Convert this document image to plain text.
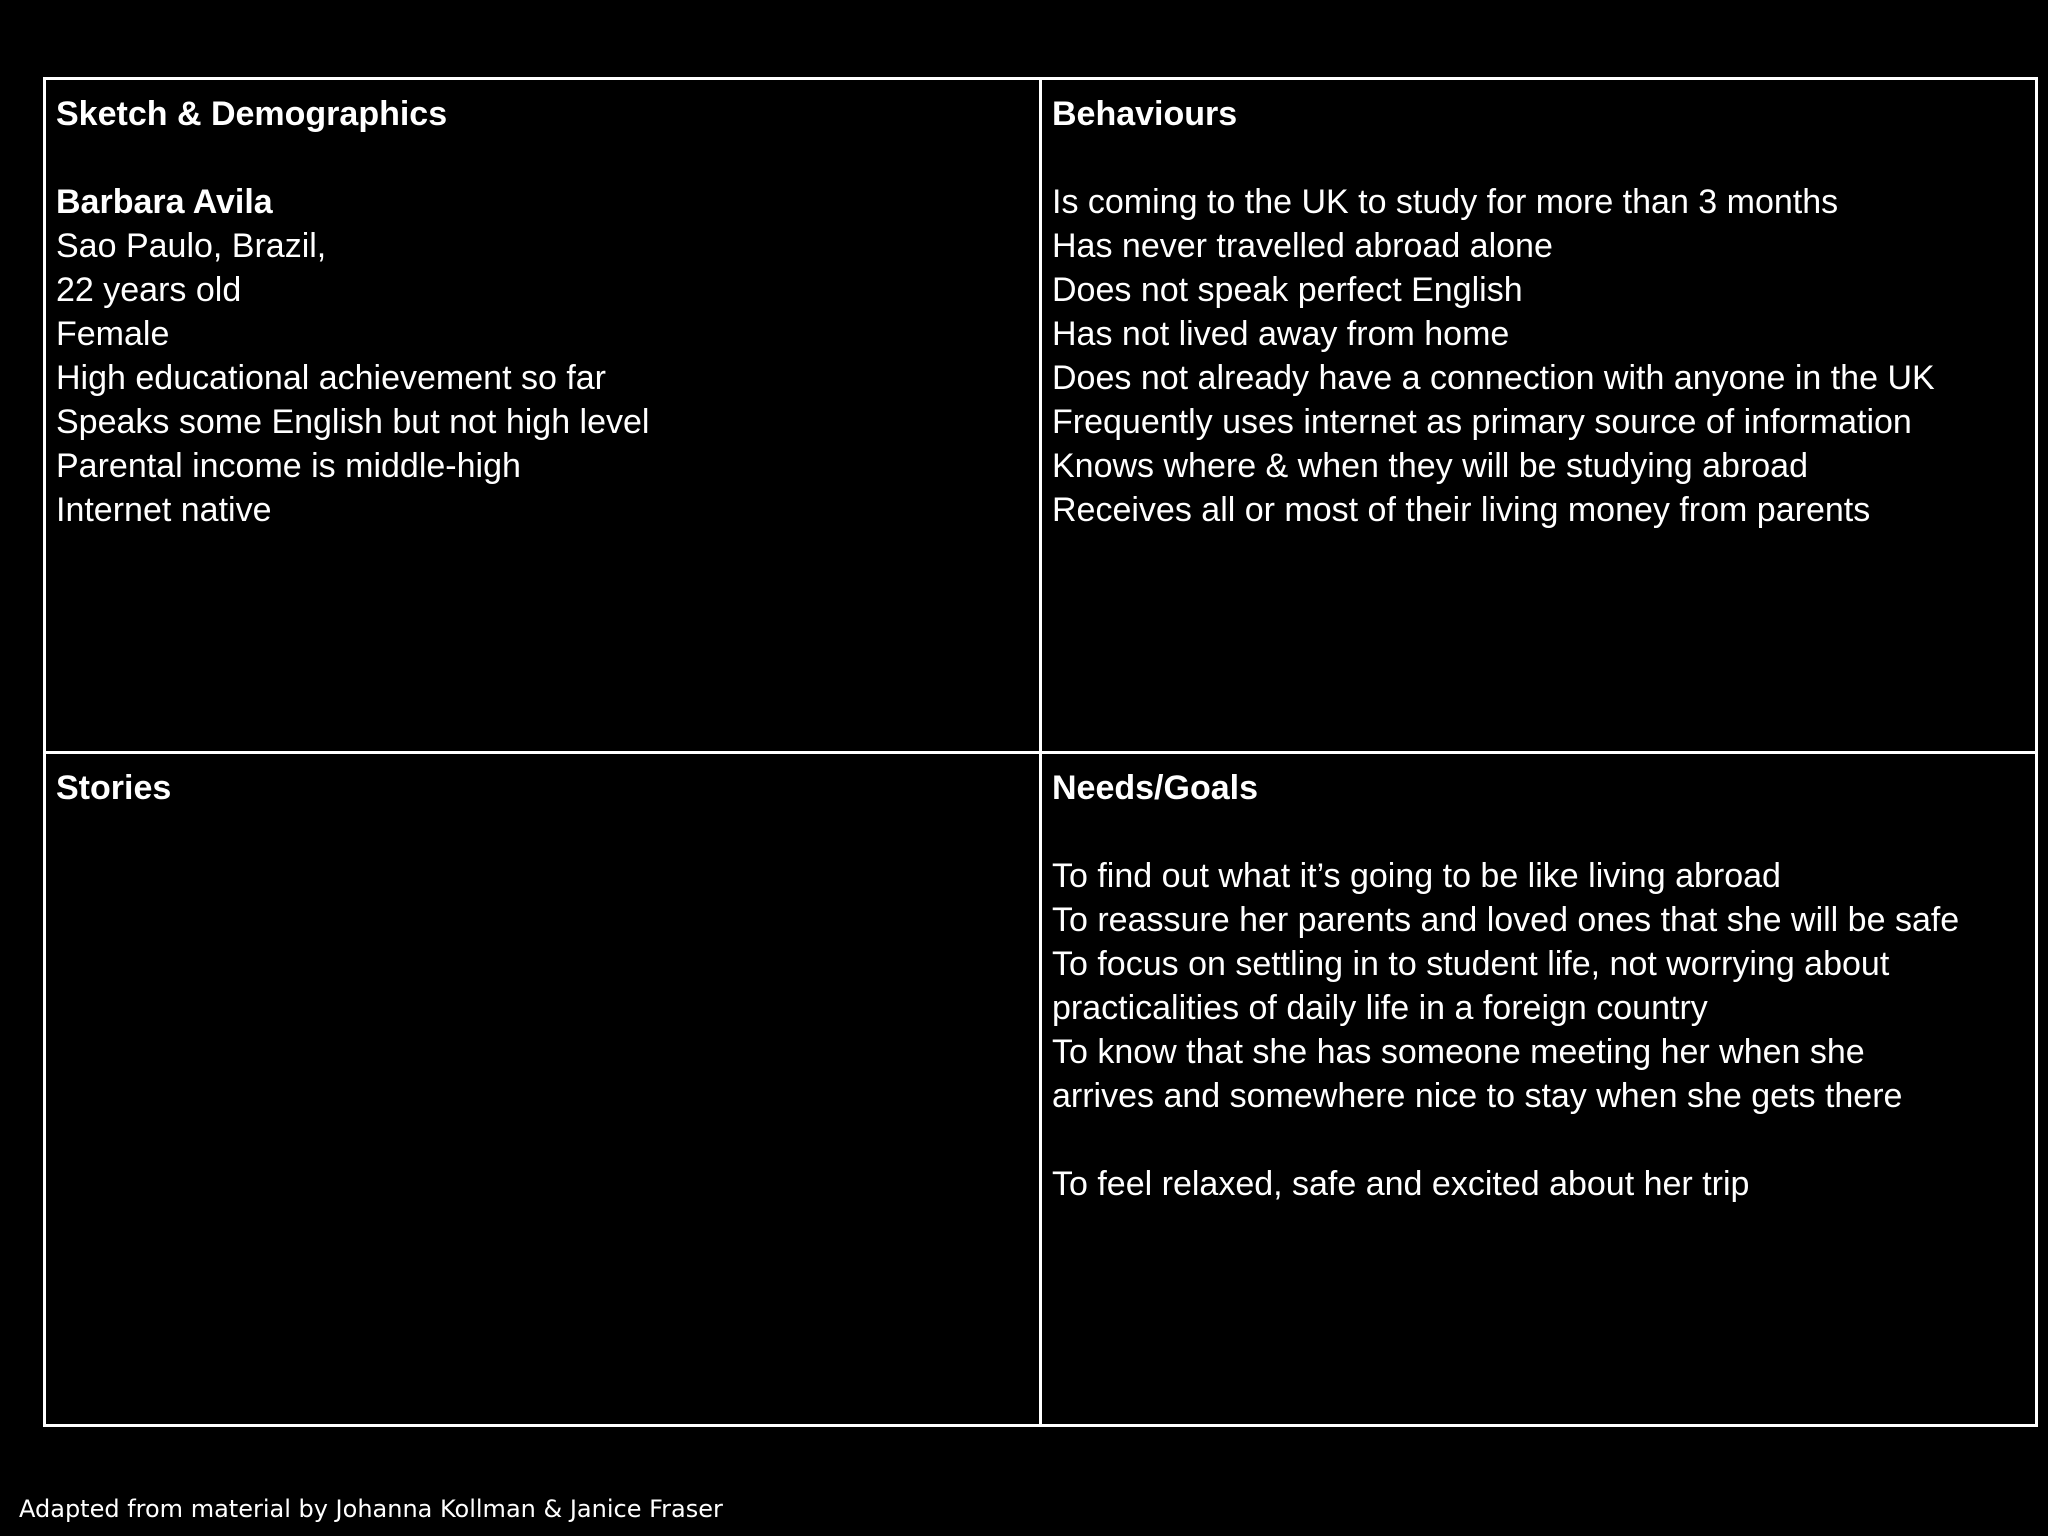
Sketch & Demographics

Barbara Avila

Sao Paulo, Brazil,

22 years old

Female

High educational achievement so far

Speaks some English but not high level

Parental income is middle-high

Internet native

Behaviours

Is coming to the UK to study for more than 3 months

Has never travelled abroad alone

Does not speak perfect English

Has not lived away from home

Does not already have a connection with anyone in the UK

Frequently uses internet as primary source of information

Knows where & when they will be studying abroad

Receives all or most of their living money from parents

Stories	Needs/Goals

To find out what it’s going to be like living abroad

To reassure her parents and loved ones that she will be safe

To focus on settling in to student life, not worrying about

practicalities of daily life in a foreign country

To know that she has someone meeting her when she

arrives and somewhere nice to stay when she gets there

To feel relaxed, safe and excited about her trip

Adapted from material by Johanna Kollman & Janice Fraser
